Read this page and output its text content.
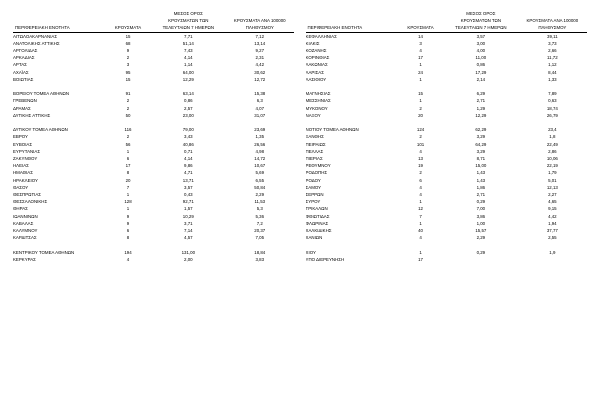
		ΜΕΣΟΣ ΟΡΟΣ					ΜΕΣΟΣ ΟΡΟΣ	
		ΚΡΟΥΣΜΑΤΩΝ ΤΩΝ	ΚΡΟΥΣΜΑΤΑ ΑΝΑ 100000				ΚΡΟΥΣΜΑΤΩΝ ΤΩΝ	ΚΡΟΥΣΜΑΤΑ ΑΝΑ 100000
ΠΕΡΙΦΕΡΕΙΑΚΗ ΕΝΟΤΗΤΑ	ΚΡΟΥΣΜΑΤΑ	ΤΕΛΕΥΤΑΙΩΝ 7 ΗΜΕΡΩΝ	ΠΛΗΘΥΣΜΟΥ		ΠΕΡΙΦΕΡΕΙΑΚΗ ΕΝΟΤΗΤΑ	ΚΡΟΥΣΜΑΤΑ	ΤΕΛΕΥΤΑΙΩΝ 7 ΗΜΕΡΩΝ	ΠΛΗΘΥΣΜΟΥ
ΑΙΤΩΛΟΑΚΑΡΝΑΝΙΑΣ	15	7,71	7,12		ΚΕΦΑΛΛΗΝΙΑΣ	14	3,57	39,11
ΑΝΑΤΟΛΙΚΗΣ ΑΤΤΙΚΗΣ	68	51,14	13,14		ΚΙΛΚΙΣ	3	3,00	3,73
ΑΡΓΟΛΙΔΑΣ	9	7,43	9,27		ΚΟΖΑΝΗΣ	4	4,00	2,66
ΑΡΚΑΔΙΑΣ	2	4,14	2,31		ΚΟΡΙΝΘΙΑΣ	17	11,00	11,72
ΑΡΤΑΣ	3	1,14	4,42		ΛΑΚΩΝΙΑΣ	1	0,86	1,12
ΑΧΑΪΑΣ	95	64,00	30,62		ΛΑΡΙΣΑΣ	24	17,29	8,44
ΒΟΙΩΤΙΑΣ	15	12,29	12,72		ΛΑΣΙΘΙΟΥ	1	2,14	1,33

ΒΟΡΕΙΟΥ ΤΟΜΕΑ ΑΘΗΝΩΝ	91	63,14	15,38		ΜΑΓΝΗΣΙΑΣ	15	6,29	7,89
ΓΡΕΒΕΝΩΝ	2	0,86	6,3		ΜΕΣΣΗΝΙΑΣ	1	2,71	0,63
ΔΡΑΜΑΣ	2	2,57	4,07		ΜΥΚΟΝΟΥ	2	1,29	18,74
ΔΥΤΙΚΗΣ ΑΤΤΙΚΗΣ	50	23,00	31,07		ΝΑΞΟΥ	20	12,29	26,79

ΔΥΤΙΚΟΥ ΤΟΜΕΑ ΑΘΗΝΩΝ	116	79,00	23,69		ΝΟΤΙΟΥ ΤΟΜΕΑ ΑΘΗΝΩΝ	124	62,29	23,4
ΕΒΡΟΥ	2	3,43	1,35		ΞΑΝΘΗΣ	2	3,29	1,8
ΕΥΒΟΙΑΣ	56	40,86	26,56		ΠΕΙΡΑΙΩΣ	101	64,29	22,49
ΕΥΡΥΤΑΝΙΑΣ	1	0,71	4,98		ΠΕΛΛΑΣ	4	3,29	2,86
ΖΑΚΥΝΘΟΥ	6	4,14	14,72		ΠΙΕΡΙΑΣ	13	8,71	10,06
ΗΛΕΙΑΣ	17	9,86	10,67		ΡΕΘΥΜΝΟΥ	19	15,00	22,19
ΗΜΑΘΙΑΣ	8	4,71	5,69		ΡΟΔΟΠΗΣ	2	1,43	1,79
ΗΡΑΚΛΕΙΟΥ	20	13,71	6,55		ΡΟΔΟΥ	6	1,43	5,01
ΘΑΣΟΥ	7	3,57	50,84		ΣΑΜΟΥ	4	1,86	12,13
ΘΕΣΠΡΩΤΙΑΣ	1	0,43	2,29		ΣΕΡΡΩΝ	4	2,71	2,27
ΘΕΣΣΑΛΟΝΙΚΗΣ	128	92,71	11,53		ΣΥΡΟΥ	1	0,29	4,65
ΘΗΡΑΣ	1	1,57	5,3		ΤΡΙΚΑΛΩΝ	12	7,00	9,15
ΙΩΑΝΝΙΝΩΝ	9	10,29	5,36		ΦΘΙΩΤΙΔΑΣ	7	3,86	4,42
ΚΑΒΑΛΑΣ	9	3,71	7,2		ΦΛΩΡΙΝΑΣ	1	1,00	1,94
ΚΑΛΥΜΝΟΥ	6	7,14	20,37		ΧΑΛΚΙΔΙΚΗΣ	40	15,57	37,77
ΚΑΡΔΙΤΣΑΣ	8	4,57	7,05		ΧΑΝΙΩΝ	4	2,29	2,55

ΚΕΝΤΡΙΚΟΥ ΤΟΜΕΑ ΑΘΗΝΩΝ	194	131,00	18,84		ΧΙΟΥ	1	0,29	1,9
ΚΕΡΚΥΡΑΣ	4	2,00	3,83		ΥΠΟ ΔΙΕΡΕΥΝΗΣΗ	17		
